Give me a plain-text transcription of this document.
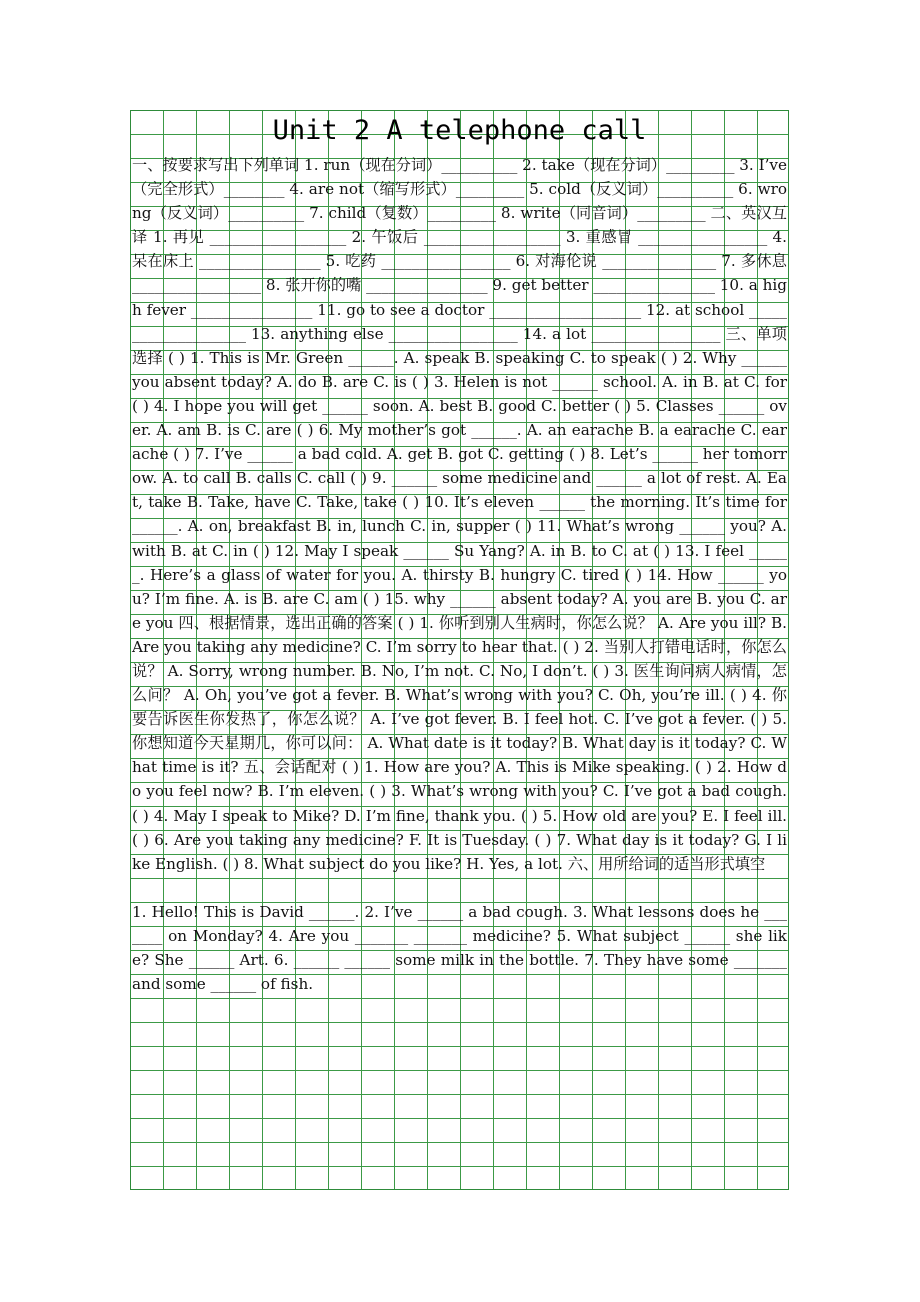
Unit 2 A telephone call

一、按要求写出下列单词 1. run（现在分词）__________ 2. take（现在分词）_________ 3. I’ve（完全形式）________ 4. are not（缩写形式）_________ 5. cold（反义词）__________ 6. wrong（反义词）__________ 7. child（复数）_________ 8. write（同音词）_________ 二、英汉互译 1. 再见 __________________ 2. 午饭后 __________________ 3. 重感冒 _________________ 4. 呆在床上 ________________ 5. 吃药 _________________ 6. 对海伦说 _______________ 7. 多休息 _________________ 8. 张开你的嘴 ________________ 9. get better ________________ 10. a high fever ________________ 11. go to see a doctor ____________________ 12. at school ____________________ 13. anything else _________________ 14. a lot _________________ 三、单项选择 ( ) 1. This is Mr. Green ______. A. speak B. speaking C. to speak ( ) 2. Why ______ you absent today? A. do B. are C. is ( ) 3. Helen is not ______ school. A. in B. at C. for ( ) 4. I hope you will get ______ soon. A. best B. good C. better ( ) 5. Classes ______ over. A. am B. is C. are ( ) 6. My mother’s got ______. A. an earache B. a earache C. earache ( ) 7. I’ve ______ a bad cold. A. get B. got C. getting ( ) 8. Let’s ______ her tomorrow. A. to call B. calls C. call ( ) 9. ______ some medicine and ______ a lot of rest. A. Eat, take B. Take, have C. Take, take ( ) 10. It’s eleven ______ the morning. It’s time for ______. A. on, breakfast B. in, lunch C. in, supper ( ) 11. What’s wrong ______ you? A. with B. at C. in ( ) 12. May I speak ______ Su Yang? A. in B. to C. at ( ) 13. I feel ______. Here’s a glass of water for you. A. thirsty B. hungry C. tired ( ) 14. How ______ you? I’m fine. A. is B. are C. am ( ) 15. why ______ absent today? A. you are B. you C. are you 四、根据情景，选出正确的答案 ( ) 1. 你听到别人生病时，你怎么说？ A. Are you ill? B. Are you taking any medicine? C. I’m sorry to hear that. ( ) 2. 当别人打错电话时，你怎么说？ A. Sorry, wrong number. B. No, I’m not. C. No, I don’t. ( ) 3. 医生询问病人病情，怎么问？ A. Oh, you’ve got a fever. B. What’s wrong with you? C. Oh, you’re ill. ( ) 4. 你要告诉医生你发热了，你怎么说？ A. I’ve got fever. B. I feel hot. C. I’ve got a fever. ( ) 5. 你想知道今天星期几，你可以问： A. What date is it today? B. What day is it today? C. What time is it? 五、会话配对 ( ) 1. How are you? A. This is Mike speaking. ( ) 2. How do you feel now? B. I’m eleven. ( ) 3. What’s wrong with you? C. I’ve got a bad cough. ( ) 4. May I speak to Mike? D. I’m fine, thank you. ( ) 5. How old are you? E. I feel ill. ( ) 6. Are you taking any medicine? F. It is Tuesday. ( ) 7. What day is it today? G. I like English. ( ) 8. What subject do you like? H. Yes, a lot. 六、用所给词的适当形式填空

1. Hello! This is David ______. 2. I’ve ______ a bad cough. 3. What lessons does he _______ on Monday? 4. Are you _______ _______ medicine? 5. What subject ______ she like? She ______ Art. 6. ______ ______ some milk in the bottle. 7. They have some _______ and some ______ of fish.
